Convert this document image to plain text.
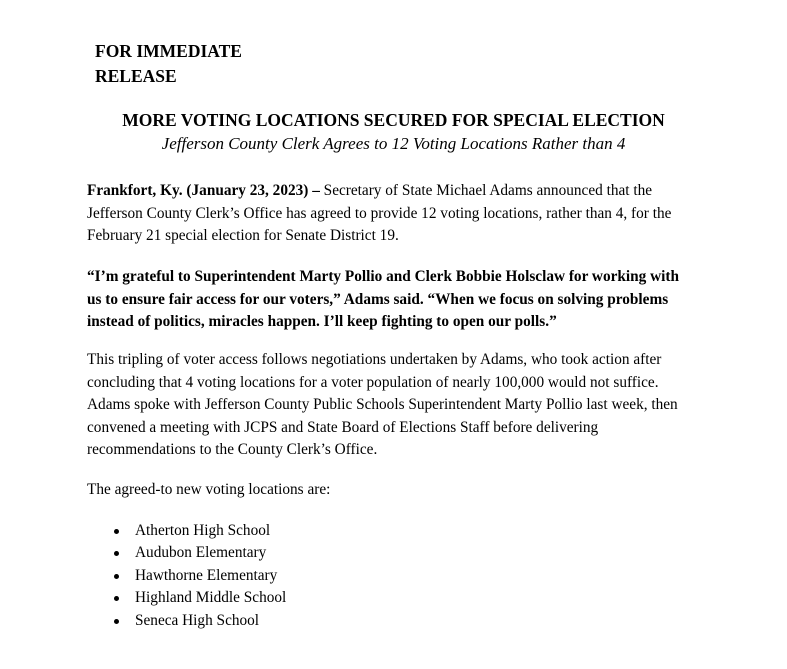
FOR IMMEDIATE
RELEASE
MORE VOTING LOCATIONS SECURED FOR SPECIAL ELECTION
Jefferson County Clerk Agrees to 12 Voting Locations Rather than 4
Frankfort, Ky. (January 23, 2023) – Secretary of State Michael Adams announced that the
Jefferson County Clerk’s Office has agreed to provide 12 voting locations, rather than 4, for the
February 21 special election for Senate District 19.
“I’m grateful to Superintendent Marty Pollio and Clerk Bobbie Holsclaw for working with
us to ensure fair access for our voters,” Adams said. “When we focus on solving problems
instead of politics, miracles happen. I’ll keep fighting to open our polls.”
This tripling of voter access follows negotiations undertaken by Adams, who took action after
concluding that 4 voting locations for a voter population of nearly 100,000 would not suffice.
Adams spoke with Jefferson County Public Schools Superintendent Marty Pollio last week, then
convened a meeting with JCPS and State Board of Elections Staff before delivering
recommendations to the County Clerk’s Office.
The agreed-to new voting locations are:
Atherton High School
Audubon Elementary
Hawthorne Elementary
Highland Middle School
Seneca High School
